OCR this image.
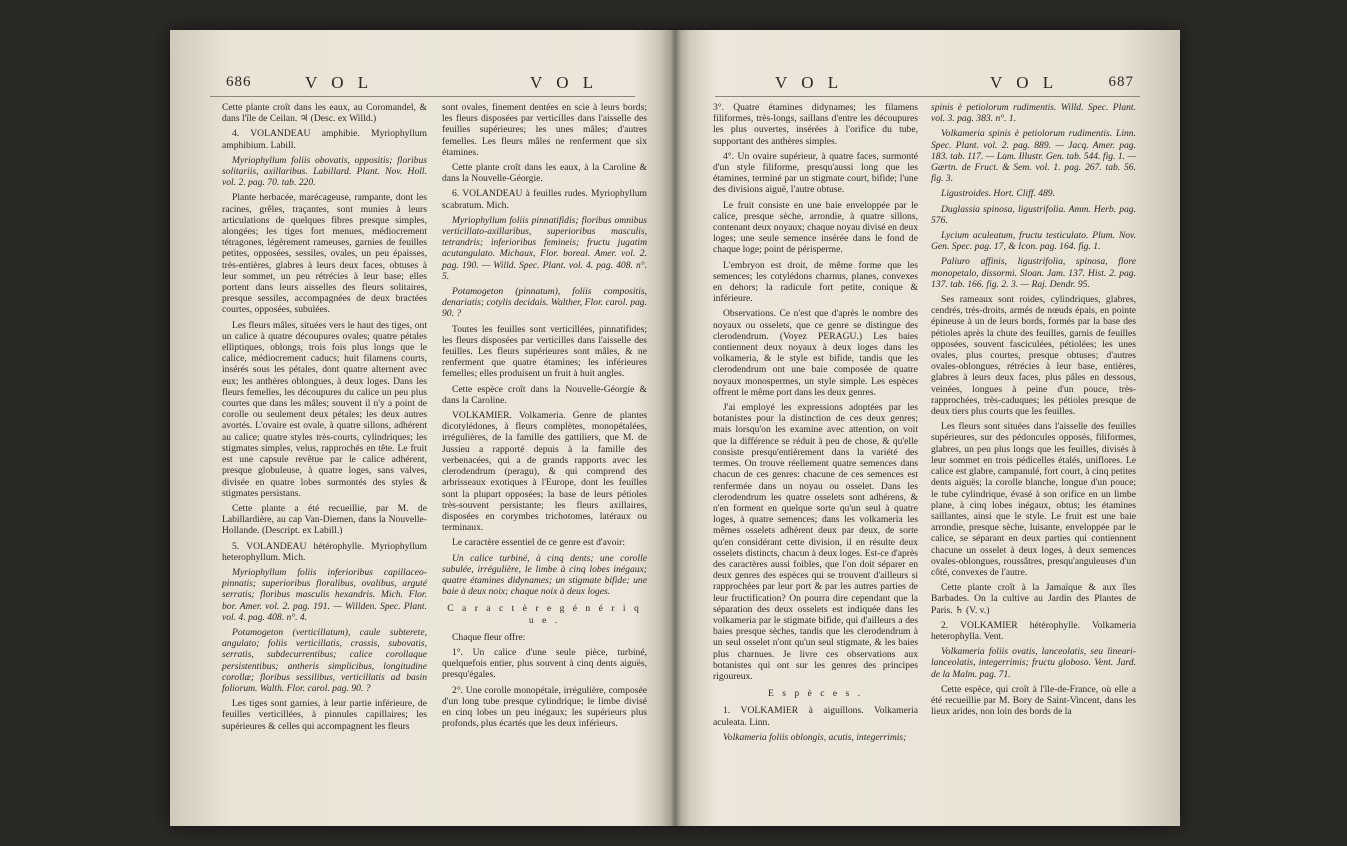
686	V O L	V O L

Cette plante croît dans les eaux, au Coromandel, & dans l'île de Ceilan. ♃ (Desc. ex Willd.)

4. VOLANDEAU amphibie. Myriophyllum amphibium. Labill.

Myriophyllum foliis obovatis, oppositis; floribus solitariis, axillaribus. Labillard. Plant. Nov. Holl. vol. 2. pag. 70. tab. 220.

Plante herbacée, marécageuse, rampante, dont les racines, grêles, traçantes, sont munies à leurs articulations de quelques fibres presque simples, alongées; les tiges fort menues, médiocrement tétragones, légèrement rameuses, garnies de feuilles petites, opposées, sessiles, ovales, un peu épaisses, très-entières, glabres à leurs deux faces, obtuses à leur sommet, un peu rétrécies à leur base; elles portent dans leurs aisselles des fleurs solitaires, presque sessiles, accompagnées de deux bractées courtes, opposées, subulées.

Les fleurs mâles, situées vers le haut des tiges, ont un calice à quatre découpures ovales; quatre pétales elliptiques, oblongs, trois fois plus longs que le calice, médiocrement caducs; huit filamens courts, insérés sous les pétales, dont quatre alternent avec eux; les anthères oblongues, à deux loges. Dans les fleurs femelles, les découpures du calice un peu plus courtes que dans les mâles; souvent il n'y a point de corolle ou seulement deux pétales; les deux autres avortés. L'ovaire est ovale, à quatre sillons, adhérent au calice; quatre styles très-courts, cylindriques; les stigmates simples, velus, rapprochés en tête. Le fruit est une capsule revêtue par le calice adhérent, presque globuleuse, à quatre loges, sans valves, divisée en quatre lobes surmontés des styles & stigmates persistans.

Cette plante a été recueillie, par M. de Labillardière, au cap Van-Diemen, dans la Nouvelle-Hollande. (Descript. ex Labill.)

5. VOLANDEAU hétérophylle. Myriophyllum heterophyllum. Mich.

Myriophyllum foliis inferioribus capillaceo-pinnatis; superioribus floralibus, ovalibus, arguté serratis; floribus masculis hexandris. Mich. Flor. bor. Amer. vol. 2. pag. 191. — Willden. Spec. Plant. vol. 4. pag. 408. n°. 4.

Potamogeton (verticillatum), caule subterete, angulato; foliis verticillatis, crassis, subovatis, serratis, subdecurrentibus; calice corollaque persistentibus; antheris simplicibus, longitudine corollæ; floribus sessilibus, verticillatis ad basin foliorum. Walth. Flor. carol. pag. 90. ?

Les tiges sont garnies, à leur partie inférieure, de feuilles verticillées, à pinnules capillaires; les supérieures & celles qui accompagnent les fleurs

sont ovales, finement dentées en scie à leurs bords; les fleurs disposées par verticilles dans l'aisselle des feuilles supérieures; les unes mâles; d'autres femelles. Les fleurs mâles ne renferment que six étamines.

Cette plante croît dans les eaux, à la Caroline & dans la Nouvelle-Géorgie.

6. VOLANDEAU à feuilles rudes. Myriophyllum scabratum. Mich.

Myriophyllum foliis pinnatifidis; floribus omnibus verticillato-axillaribus, superioribus masculis, tetrandris; inferioribus femineis; fructu jugatim acutangulato. Michaux, Flor. boreal. Amer. vol. 2. pag. 190. — Willd. Spec. Plant. vol. 4. pag. 408. n°. 5.

Potamogeton (pinnatum), foliis compositis, denariatis; cotylis decidais. Walther, Flor. carol. pag. 90. ?

Toutes les feuilles sont verticillées, pinnatifides; les fleurs disposées par verticilles dans l'aisselle des feuilles. Les fleurs supérieures sont mâles, & ne renferment que quatre étamines; les inférieures femelles; elles produisent un fruit à huit angles.

Cette espèce croît dans la Nouvelle-Géorgie & dans la Caroline.

VOLKAMIER. Volkameria. Genre de plantes dicotylédones, à fleurs complètes, monopétalées, irrégulières, de la famille des gattiliers, que M. de Jussieu a rapporté depuis à la famille des verbenacées, qui a de grands rapports avec les clerodendrum (peragu), & qui comprend des arbrisseaux exotiques à l'Europe, dont les feuilles sont la plupart opposées; la base de leurs pétioles très-souvent persistante; les fleurs axillaires, disposées en corymbes trichotomes, latéraux ou terminaux.

Le caractère essentiel de ce genre est d'avoir:

Un calice turbiné, à cinq dents; une corolle subulée, irrégulière, le limbe à cinq lobes inégaux; quatre étamines didynames; un stigmate bifide; une baie à deux noix; chaque noix à deux loges.

C a r a c t è r e g é n é r i q u e .

Chaque fleur offre:

1°. Un calice d'une seule pièce, turbiné, quelquefois entier, plus souvent à cinq dents aiguës, presqu'égales.

2°. Une corolle monopétale, irrégulière, composée d'un long tube presque cylindrique; le limbe divisé en cinq lobes un peu inégaux; les supérieurs plus profonds, plus écartés que les deux inférieurs.

V O L	V O L	687

3°. Quatre étamines didynames; les filamens filiformes, très-longs, saillans d'entre les découpures les plus ouvertes, insérées à l'orifice du tube, supportant des anthères simples.

4°. Un ovaire supérieur, à quatre faces, surmonté d'un style filiforme, presqu'aussi long que les étamines, terminé par un stigmate court, bifide; l'une des divisions aiguë, l'autre obtuse.

Le fruit consiste en une baie enveloppée par le calice, presque sèche, arrondie, à quatre sillons, contenant deux noyaux; chaque noyau divisé en deux loges; une seule semence insérée dans le fond de chaque loge; point de périsperme.

L'embryon est droit, de même forme que les semences; les cotylédons charnus, planes, convexes en dehors; la radicule fort petite, conique & inférieure.

Observations. Ce n'est que d'après le nombre des noyaux ou osselets, que ce genre se distingue des clerodendrum. (Voyez PERAGU.) Les baies contiennent deux noyaux à deux loges dans les volkameria, & le style est bifide, tandis que les clerodendrum ont une baie composée de quatre noyaux monospermes, un style simple. Les espèces offrent le même port dans les deux genres.

J'ai employé les expressions adoptées par les botanistes pour la distinction de ces deux genres; mais lorsqu'on les examine avec attention, on voit que la différence se réduit à peu de chose, & qu'elle consiste presqu'entièrement dans la variété des termes. On trouve réellement quatre semences dans chacun de ces genres: chacune de ces semences est renfermée dans un noyau ou osselet. Dans les clerodendrum les quatre osselets sont adhérens, & n'en forment en quelque sorte qu'un seul à quatre loges, à quatre semences; dans les volkameria les mêmes osselets adhèrent deux par deux, de sorte qu'en considérant cette division, il en résulte deux osselets distincts, chacun à deux loges. Est-ce d'après des caractères aussi foibles, que l'on doit séparer en deux genres des espèces qui se trouvent d'ailleurs si rapprochées par leur port & par les autres parties de leur fructification? On pourra dire cependant que la séparation des deux osselets est indiquée dans les volkameria par le stigmate bifide, qui d'ailleurs a des baies presque sèches, tandis que les clerodendrum à un seul osselet n'ont qu'un seul stigmate, & les baies plus charnues. Je livre ces observations aux botanistes qui ont sur les genres des principes rigoureux.

E s p è c e s .

1. VOLKAMIER à aiguillons. Volkameria aculeata. Linn.

Volkameria foliis oblongis, acutis, integerrimis;

spinis è petiolorum rudimentis. Willd. Spec. Plant. vol. 3. pag. 383. n°. 1.

Volkameria spinis è petiolorum rudimentis. Linn. Spec. Plant. vol. 2. pag. 889. — Jacq. Amer. pag. 183. tab. 117. — Lam. Illustr. Gen. tab. 544. fig. 1. — Gærtn. de Fruct. & Sem. vol. 1. pag. 267. tab. 56. fig. 3.

Ligustroides. Hort. Cliff. 489.

Duglassia spinosa, ligustrifolia. Amm. Herb. pag. 576.

Lycium aculeatum, fructu testiculato. Plum. Nov. Gen. Spec. pag. 17, & Icon. pag. 164. fig. 1.

Paliuro affinis, ligustrifolia, spinosa, flore monopetalo, dissormi. Sloan. Jam. 137. Hist. 2. pag. 137. tab. 166. fig. 2. 3. — Raj. Dendr. 95.

Ses rameaux sont roides, cylindriques, glabres, cendrés, très-droits, armés de nœuds épais, en pointe épineuse à un de leurs bords, formés par la base des pétioles après la chute des feuilles, garnis de feuilles opposées, souvent fasciculées, pétiolées; les unes ovales, plus courtes, presque obtuses; d'autres ovales-oblongues, rétrécies à leur base, entières, glabres à leurs deux faces, plus pâles en dessous, veinées, longues à peine d'un pouce, très-rapprochées, très-caduques; les pétioles presque de deux tiers plus courts que les feuilles.

Les fleurs sont situées dans l'aisselle des feuilles supérieures, sur des pédoncules opposés, filiformes, glabres, un peu plus longs que les feuilles, divisés à leur sommet en trois pédicelles étalés, uniflores. Le calice est glabre, campanulé, fort court, à cinq petites dents aiguës; la corolle blanche, longue d'un pouce; le tube cylindrique, évasé à son orifice en un limbe plane, à cinq lobes inégaux, obtus; les étamines saillantes, ainsi que le style. Le fruit est une baie arrondie, presque sèche, luisante, enveloppée par le calice, se séparant en deux parties qui contiennent chacune un osselet à deux loges, à deux semences ovales-oblongues, roussâtres, presqu'anguleuses d'un côté, convexes de l'autre.

Cette plante croît à la Jamaïque & aux îles Barbades. On la cultive au Jardin des Plantes de Paris. ♄ (V. v.)

2. VOLKAMIER hétérophylle. Volkameria heterophylla. Vent.

Volkameria foliis ovatis, lanceolatis, seu lineari-lanceolatis, integerrimis; fructu globoso. Vent. Jard. de la Malm. pag. 71.

Cette espèce, qui croît à l'île-de-France, où elle a été recueillie par M. Bory de Saint-Vincent, dans les lieux arides, non loin des bords de la
